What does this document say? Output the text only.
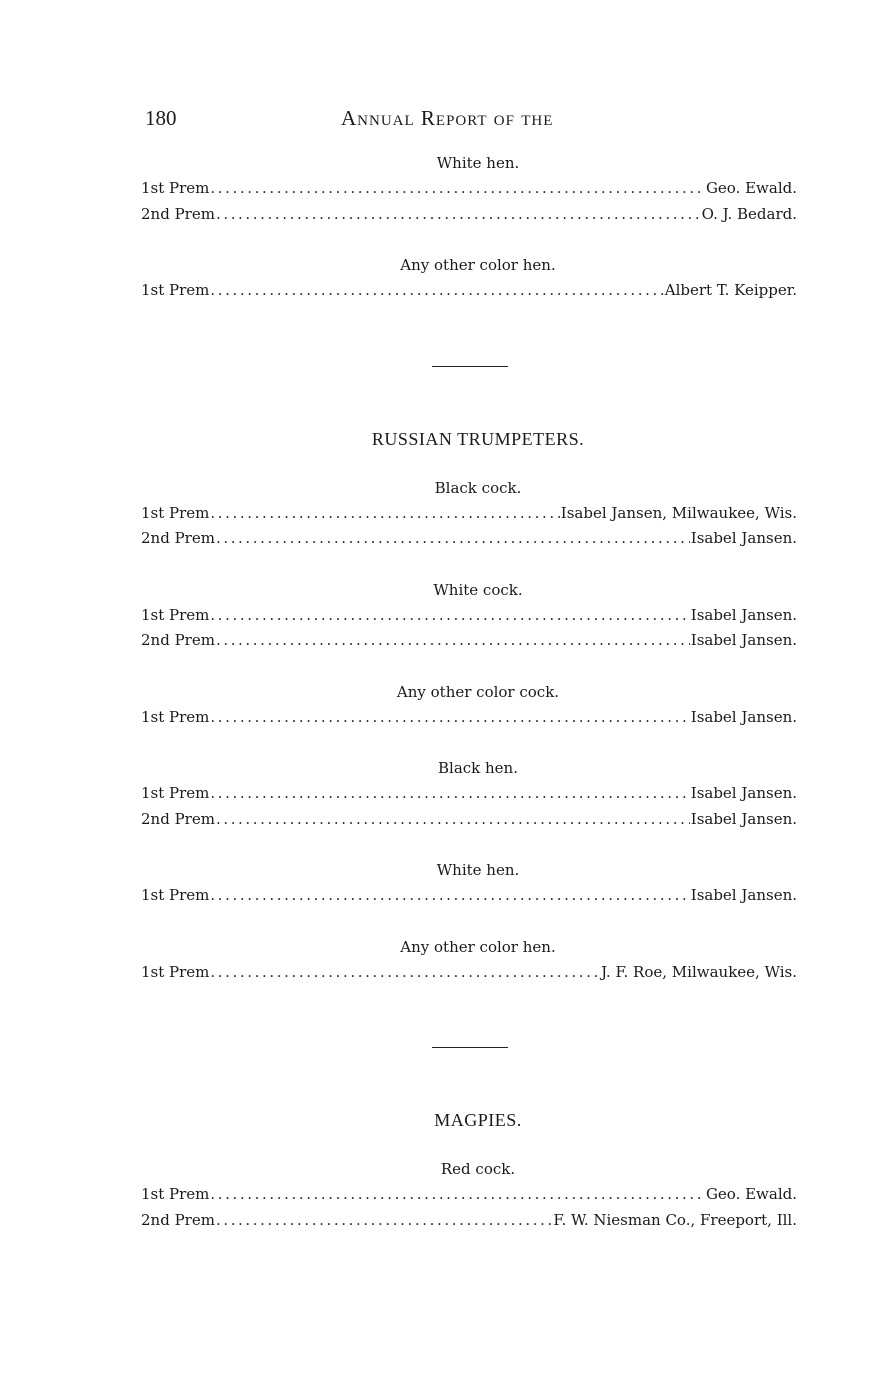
180	Annual Report of the
White hen.
1st Prem .....	Geo. Ewald.
2nd Prem .....	O. J. Bedard.
Any other color hen.
1st Prem .....	Albert T. Keipper.
RUSSIAN TRUMPETERS.
Black cock.
1st Prem .....	Isabel Jansen, Milwaukee, Wis.
2nd Prem .....	Isabel Jansen.
White cock.
1st Prem .....	Isabel Jansen.
2nd Prem .....	Isabel Jansen.
Any other color cock.
1st Prem .....	Isabel Jansen.
Black hen.
1st Prem .....	Isabel Jansen.
2nd Prem .....	Isabel Jansen.
White hen.
1st Prem .....	Isabel Jansen.
Any other color hen.
1st Prem .....	J. F. Roe, Milwaukee, Wis.
MAGPIES.
Red cock.
1st Prem .....	Geo. Ewald.
2nd Prem .....	F. W. Niesman Co., Freeport, Ill.
